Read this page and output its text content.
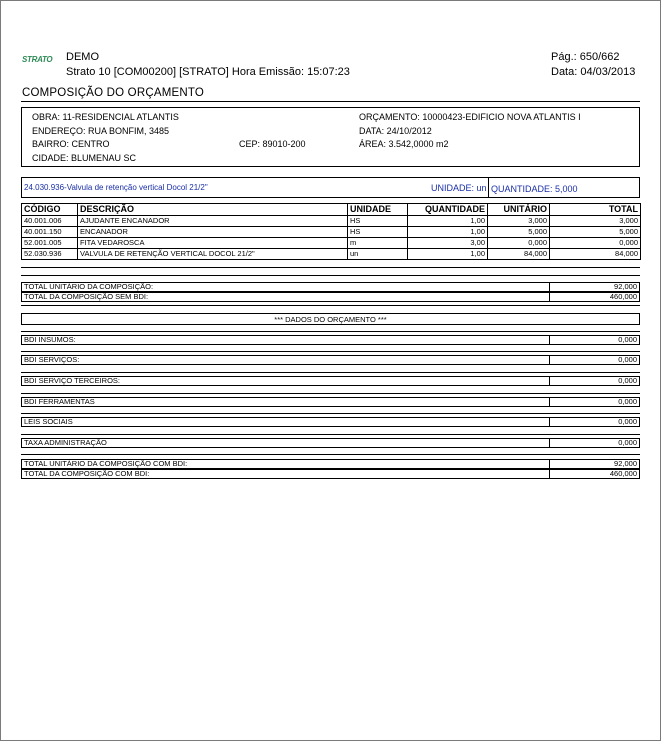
STRATO	DEMO
Strato 10 [COM00200] [STRATO] Hora Emissão: 15:07:23
Pág.: 650/662
Data: 04/03/2013
COMPOSIÇÃO DO ORÇAMENTO
OBRA: 11-RESIDENCIAL ATLANTIS
ENDEREÇO: RUA BONFIM, 3485
BAIRRO: CENTRO	CEP: 89010-200
CIDADE: BLUMENAU SC
ORÇAMENTO: 10000423-EDIFICIO NOVA ATLANTIS I
DATA: 24/10/2012
ÁREA: 3.542,0000 m2
24.030.936-Valvula de retenção vertical Docol 21/2"	UNIDADE: un QUANTIDADE: 5,000
CÓDIGO	DESCRIÇÃO	UNIDADE	QUANTIDADE	UNITÁRIO	TOTAL
40.001.006	AJUDANTE ENCANADOR	HS	1,00	3,000	3,000
40.001.150	ENCANADOR	HS	1,00	5,000	5,000
52.001.005	FITA VEDAROSCA	m	3,00	0,000	0,000
52.030.936	VALVULA DE RETENÇÃO VERTICAL DOCOL 21/2"	un	1,00	84,000	84,000
TOTAL UNITÁRIO DA COMPOSIÇÃO:	92,000
TOTAL DA COMPOSIÇÃO SEM BDI:	460,000
*** DADOS DO ORÇAMENTO ***
BDI INSUMOS:	0,000
BDI SERVIÇOS:	0,000
BDI SERVIÇO TERCEIROS:	0,000
BDI FERRAMENTAS	0,000
LEIS SOCIAIS	0,000
TAXA ADMINISTRAÇÃO	0,000
TOTAL UNITÁRIO DA COMPOSIÇÃO COM BDI:	92,000
TOTAL DA COMPOSIÇÃO COM BDI:	460,000
